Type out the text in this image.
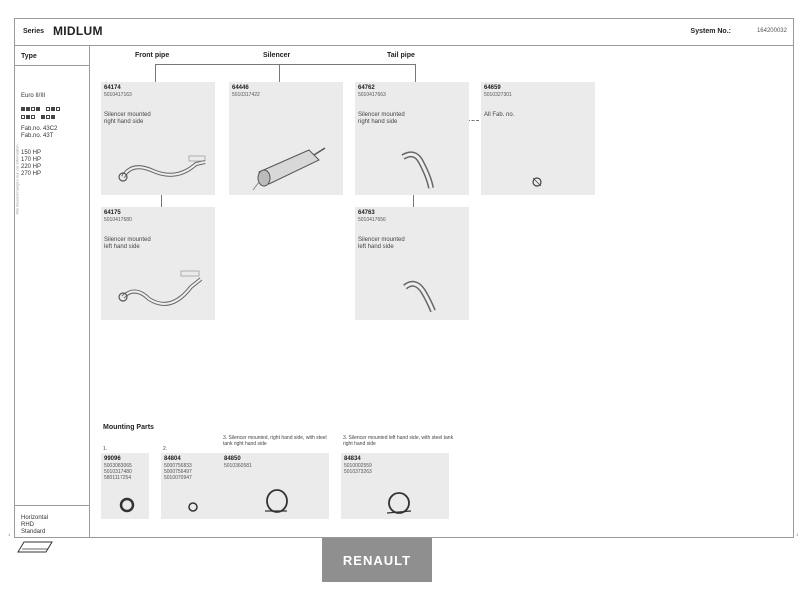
Series MIDLUM	System No.:	164200032
Type
Euro II/III
Fab.no. 43C2
Fab.no. 43T
150 HP
170 HP
220 HP
270 HP
Horizontal
RHD
Standard
Alle Bezeichnungen nur zur Information
Front pipe	Silencer	Tail pipe
64174
5010417163
Silencer mounted
right hand side
64446
5010317422
64762
5010417663
Silencer mounted
right hand side
64659
5010327301
All Fab. no.
64175
5010417680
Silencer mounted
left hand side
64763
5010417656
Silencer mounted
left hand side
Mounting Parts
1.
99096
5003083065
5010317480
5801117254
2.
84804
5000756833
5000756497
5010070947
3. Silencer mounted, right hand side, with steel tank right hand side
84850
5010360581
3. Silencer mounted left hand side, with steel tank right hand side
84834
5010002559
5010373263
1	1
RENAULT
